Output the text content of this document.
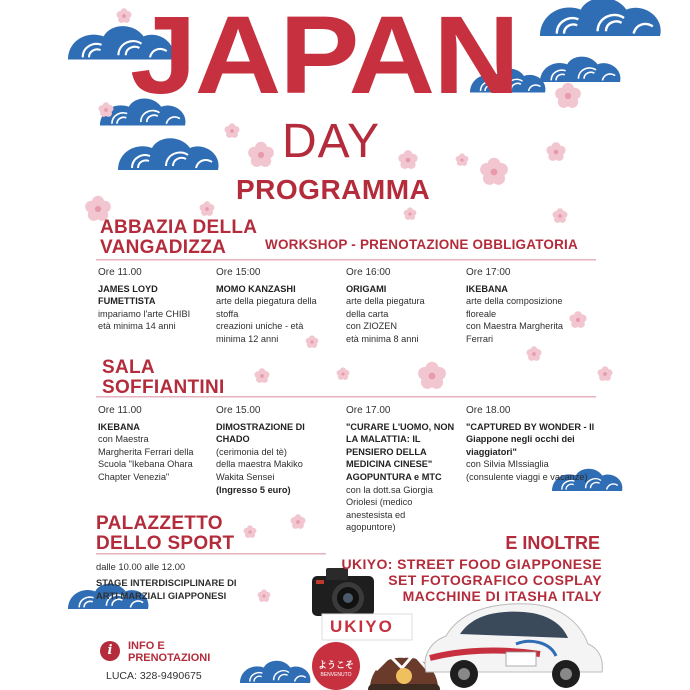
JAPAN
DAY
PROGRAMMA
ABBAZIA DELLA
VANGADIZZA	WORKSHOP - PRENOTAZIONE OBBLIGATORIA
Ore 11.00
JAMES LOYD
FUMETTISTA
impariamo l'arte CHIBI
età minima 14 anni
Ore 15:00
MOMO KANZASHI
arte della piegatura della
stoffa
creazioni uniche - età
minima 12 anni
Ore 16:00
ORIGAMI
arte della piegatura
della carta
con ZIOZEN
età minima 8 anni
Ore 17:00
IKEBANA
arte della composizione
floreale
con Maestra Margherita
Ferrari
SALA
SOFFIANTINI
Ore 11.00
IKEBANA
con Maestra
Margherita Ferrari della
Scuola "Ikebana Ohara
Chapter Venezia"
Ore 15.00
DIMOSTRAZIONE DI
CHADO
(cerimonia del tè)
della maestra Makiko
Wakita Sensei
(Ingresso 5 euro)
Ore 17.00
"CURARE L'UOMO, NON
LA MALATTIA: IL
PENSIERO DELLA
MEDICINA CINESE"
AGOPUNTURA e MTC
con la dott.sa Giorgia
Oriolesi (medico
anestesista ed
agopuntore)
Ore 18.00
"CAPTURED BY WONDER - Il
Giappone negli occhi dei
viaggiatori"
con Silvia MIssiaglia
(consulente viaggi e vacanze)
PALAZZETTO
DELLO SPORT
dalle 10.00 alle 12.00
STAGE INTERDISCIPLINARE DI
ARTI MARZIALI GIAPPONESI
E INOLTRE
UKIYO: STREET FOOD GIAPPONESE
SET FOTOGRAFICO COSPLAY
MACCHINE DI ITASHA ITALY
UKIYO
ようこそ
BENVENUTO
i	INFO E
PRENOTAZIONI
LUCA: 328-9490675
